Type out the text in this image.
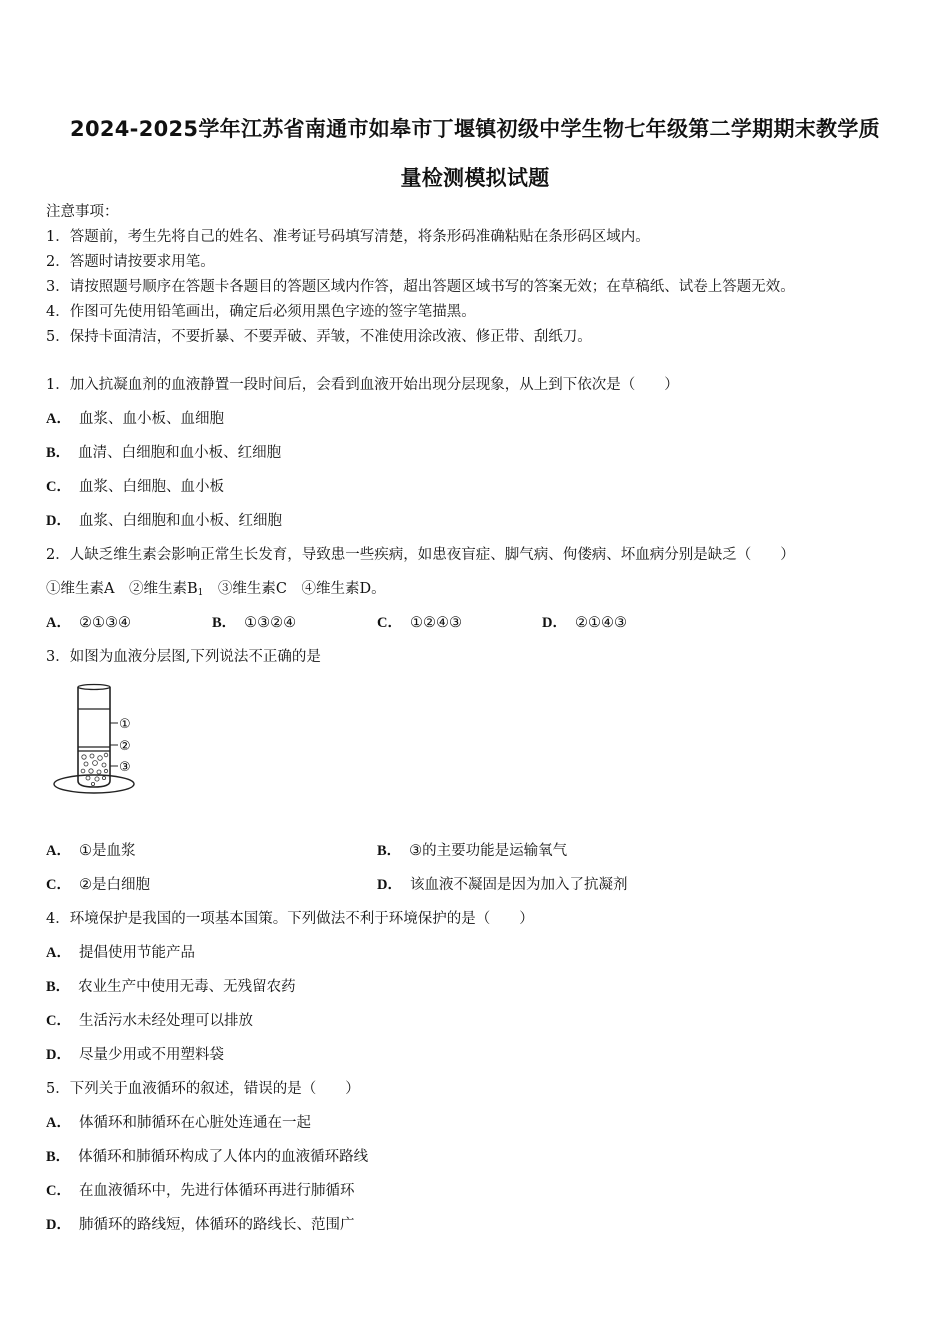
2024-2025学年江苏省南通市如皋市丁堰镇初级中学生物七年级第二学期期末教学质
量检测模拟试题
注意事项：
1．答题前，考生先将自己的姓名、准考证号码填写清楚，将条形码准确粘贴在条形码区域内。
2．答题时请按要求用笔。
3．请按照题号顺序在答题卡各题目的答题区域内作答，超出答题区域书写的答案无效；在草稿纸、试卷上答题无效。
4．作图可先使用铅笔画出，确定后必须用黑色字迹的签字笔描黑。
5．保持卡面清洁，不要折暴、不要弄破、弄皱，不准使用涂改液、修正带、刮纸刀。
1．加入抗凝血剂的血液静置一段时间后，会看到血液开始出现分层现象，从上到下依次是（　　）
A． 血浆、血小板、血细胞
B． 血清、白细胞和血小板、红细胞
C． 血浆、白细胞、血小板
D． 血浆、白细胞和血小板、红细胞
2．人缺乏维生素会影响正常生长发育，导致患一些疾病，如患夜盲症、脚气病、佝偻病、坏血病分别是缺乏（　　）
①维生素A　②维生素$B_1$　③维生素C　④维生素D。
A． ②①③④	B． ①③②④	C． ①②④③	D． ②①④③
3．如图为血液分层图,下列说法不正确的是
①
②
③
A． ①是血浆	B． ③的主要功能是运输氧气
C． ②是白细胞	D． 该血液不凝固是因为加入了抗凝剂
4．环境保护是我国的一项基本国策。下列做法不利于环境保护的是（　　）
A． 提倡使用节能产品
B． 农业生产中使用无毒、无残留农药
C． 生活污水未经处理可以排放
D． 尽量少用或不用塑料袋
5．下列关于血液循环的叙述，错误的是（　　）
A． 体循环和肺循环在心脏处连通在一起
B． 体循环和肺循环构成了人体内的血液循环路线
C． 在血液循环中，先进行体循环再进行肺循环
D． 肺循环的路线短，体循环的路线长、范围广
